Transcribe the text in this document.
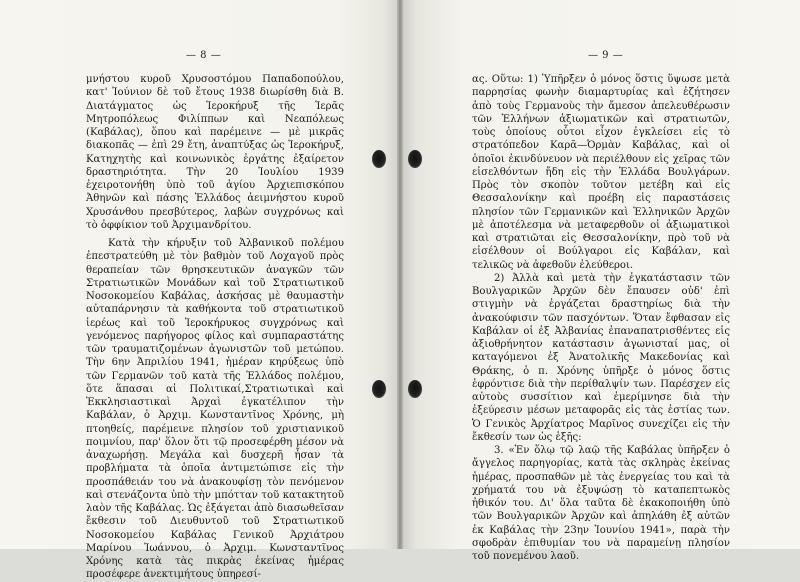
— 8 —

μνήστου κυροῦ Χρυσοστόμου Παπαδοπούλου, κατ' Ἰούνιον δὲ τοῦ ἔτους 1938 διωρίσθη διὰ Β. Διατάγματος ὡς Ἱεροκήρυξ τῆς Ἱερᾶς Μητροπόλεως Φιλίππων καὶ Νεαπόλεως (Καβάλας), ὅπου καὶ παρέμεινε — μὲ μικρᾶς διακοπᾶς — ἐπὶ 29 ἔτη, ἀναπτύξας ὡς Ἱεροκήρυξ, Κατηχητὴς καὶ κοινωνικὸς ἐργάτης ἐξαίρετον δραστηριότητα. Τὴν 20 Ἰουλίου 1939 ἐχειροτονήθη ὑπὸ τοῦ ἁγίου Ἀρχιεπισκόπου Ἀθηνῶν καὶ πάσης Ἑλλάδος ἀειμνήστου κυροῦ Χρυσάνθου πρεσβύτερος, λαβὼν συγχρόνως καὶ τὸ ὀφφίκιον τοῦ Ἀρχιμανδρίτου.

Κατὰ τὴν κήρυξιν τοῦ Ἀλβανικοῦ πολέμου ἐπεστρατεύθη μὲ τὸν βαθμὸν τοῦ Λοχαγοῦ πρὸς θεραπείαν τῶν θρησκευτικῶν ἀναγκῶν τῶν Στρατιωτικῶν Μονάδων καὶ τοῦ Στρατιωτικοῦ Νοσοκομείου Καβάλας, ἀσκήσας μὲ θαυμαστὴν αὐταπάρνησιν τὰ καθήκοντα τοῦ στρατιωτικοῦ ἱερέως καὶ τοῦ Ἱεροκήρυκος συγχρόνως καὶ γενόμενος παρήγορος φίλος καὶ συμπαραστάτης τῶν τραυματιζομένων ἀγωνιστῶν τοῦ μετώπου. Τὴν 6ην Ἀπριλίου 1941, ἡμέραν κηρύξεως ὑπὸ τῶν Γερμανῶν τοῦ κατὰ τῆς Ἑλλάδος πολέμου, ὅτε ἅπασαι αἱ Πολιτικαί,Στρατιωτικαὶ καὶ Ἐκκλησιαστικαὶ Ἀρχαὶ ἐγκατέλιπον τὴν Καβάλαν, ὁ Ἀρχιμ. Κωνσταντῖνος Χρόνης, μὴ πτοηθείς, παρέμεινε πλησίον τοῦ χριστιανικοῦ ποιμνίου, παρ' ὅλον ὅτι τῷ προσεφέρθη μέσον νὰ ἀναχωρήσῃ. Μεγάλα καὶ δυσχερῆ ἦσαν τὰ προβλήματα τὰ ὁποῖα ἀντιμετώπισε εἰς τὴν προσπάθειάν του νὰ ἀνακουφίσῃ τὸν πενόμενον καὶ στενάζοντα ὑπὸ τὴν μπότταν τοῦ κατακτητοῦ λαὸν τῆς Καβάλας. Ὡς ἐξάγεται ἀπὸ διασωθεῖσαν ἔκθεσιν τοῦ Διευθυντοῦ τοῦ Στρατιωτικοῦ Νοσοκομείου Καβάλας Γενικοῦ Ἀρχιάτρου Μαρίνου Ἰωάννου, ὁ Ἀρχιμ. Κωνσταντῖνος Χρόνης κατὰ τὰς πικρὰς ἐκείνας ἡμέρας προσέφερε ἀνεκτιμήτους ὑπηρεσί-

— 9 —

ας. Οὕτω: 1) Ὑπῆρξεν ὁ μόνος ὅστις ὕψωσε μετὰ παρρησίας φωνὴν διαμαρτυρίας καὶ ἐζήτησεν ἀπὸ τοὺς Γερμανοὺς τὴν ἄμεσον ἀπελευθέρωσιν τῶν Ἑλλήνων ἀξιωματικῶν καὶ στρατιωτῶν, τοὺς ὁποίους οὗτοι εἶχον ἐγκλείσει εἰς τὸ στρατόπεδον Καρᾶ—Ὀρμὰν Καβάλας, καὶ οἱ ὁποῖοι ἐκινδύνευον νὰ περιέλθουν εἰς χεῖρας τῶν εἰσελθόντων ἤδη εἰς τὴν Ἑλλάδα Βουλγάρων. Πρὸς τὸν σκοπὸν τοῦτον μετέβη καὶ εἰς Θεσσαλονίκην καὶ προέβη εἰς παραστάσεις πλησίον τῶν Γερμανικῶν καὶ Ἑλληνικῶν Ἀρχῶν μὲ ἀποτέλεσμα νὰ μεταφερθοῦν οἱ ἀξιωματικοὶ καὶ στρατιῶται εἰς Θεσσαλονίκην, πρὸ τοῦ νὰ εἰσέλθουν οἱ Βούλγαροι εἰς Καβάλαν, καὶ τελικῶς νὰ ἀφεθοῦν ἐλεύθεροι.

2) Ἀλλὰ καὶ μετὰ τὴν ἐγκατάστασιν τῶν Βουλγαρικῶν Ἀρχῶν δὲν ἔπαυσεν οὐδ' ἐπὶ στιγμὴν νὰ ἐργάζεται δραστηρίως διὰ τὴν ἀνακούφισιν τῶν πασχόντων. Ὅταν ἔφθασαν εἰς Καβάλαν οἱ ἐξ Ἀλβανίας ἐπαναπατρισθέντες εἰς ἀξιοθρήνητον κατάστασιν ἀγωνισταί μας, οἱ καταγόμενοι ἐξ Ἀνατολικῆς Μακεδονίας καὶ Θράκης, ὁ π. Χρόνης ὑπῆρξε ὁ μόνος ὅστις ἐφρόντισε διὰ τὴν περίθαλψίν των. Παρέσχεν εἰς αὐτοὺς συσσίτιον καὶ ἐμερίμνησε διὰ τὴν ἐξεύρεσιν μέσων μεταφορᾶς εἰς τὰς ἑστίας των. Ὁ Γενικὸς Ἀρχίατρος Μαρῖνος συνεχίζει εἰς τὴν ἔκθεσίν των ὡς ἑξῆς:

3. «Ἐν ὅλῳ τῷ λαῷ τῆς Καβάλας ὑπῆρξεν ὁ ἄγγελος παρηγορίας, κατὰ τὰς σκληρὰς ἐκείνας ἡμέρας, προσπαθῶν μὲ τὰς ἐνεργείας του καὶ τὰ χρήματά του νὰ ἐξυψώσῃ τὸ καταπεπτωκὸς ἠθικόν του. Δι' ὅλα ταῦτα δὲ ἐκακοποιήθη ὑπὸ τῶν Βουλγαρικῶν Ἀρχῶν καὶ ἀπηλάθη ἐξ αὐτῶν ἐκ Καβάλας τὴν 23ην Ἰουνίου 1941», παρὰ τὴν σφοδρὰν ἐπιθυμίαν του νὰ παραμείνῃ πλησίον τοῦ πονεμένου λαοῦ.
